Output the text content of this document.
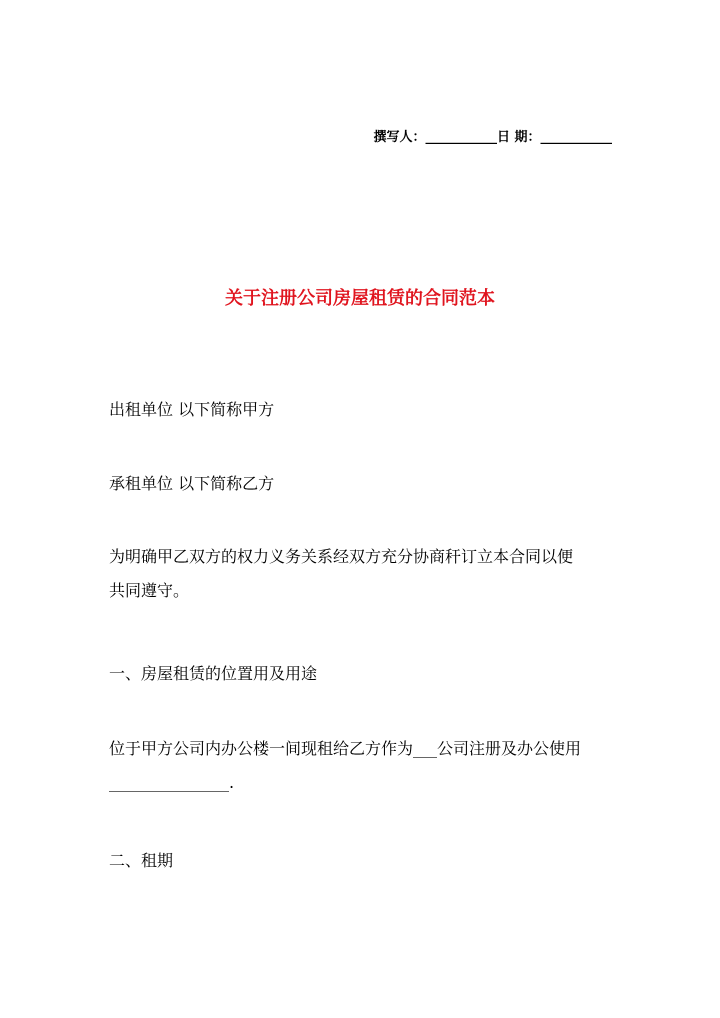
撰写人：___________日 期：___________
关于注册公司房屋租赁的合同范本
出租单位 以下简称甲方
承租单位 以下简称乙方
为明确甲乙双方的权力义务关系经双方充分协商秆订立本合同以便
共同遵守。
一、房屋租赁的位置用及用途
位于甲方公司内办公楼一间现租给乙方作为___公司注册及办公使用
_______________.
二、租期
